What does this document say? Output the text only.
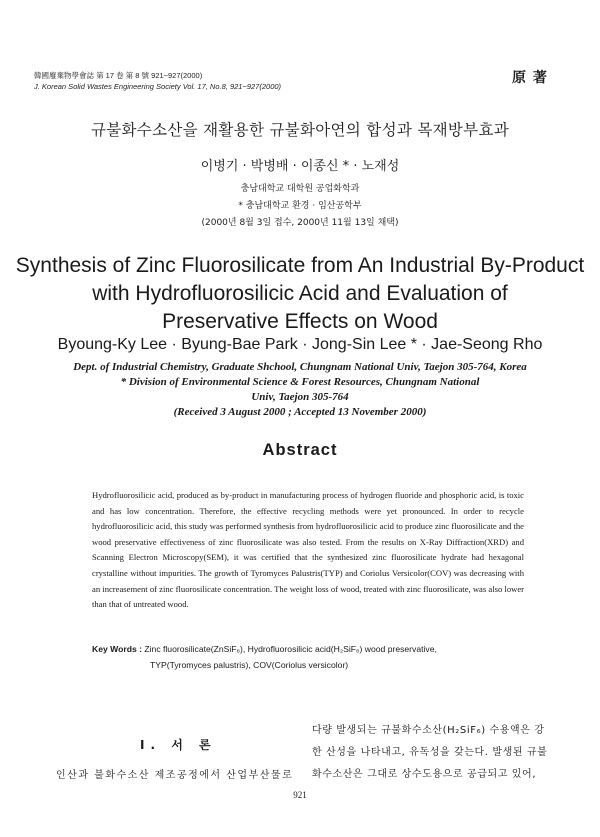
韓國廢棄物學會誌 第 17 卷 第 8 號 921~927(2000)
J. Korean Solid Wastes Engineering Society Vol. 17, No.8, 921~927(2000)
原 著
규불화수소산을 재활용한 규불화아연의 합성과 목재방부효과
이병기 · 박병배 · 이종신 * · 노재성
충남대학교 대학원 공업화학과
* 충남대학교 환경 · 임산공학부
(2000년 8월 3일 접수, 2000년 11월 13일 채택)
Synthesis of Zinc Fluorosilicate from An Industrial By-Product
with Hydrofluorosilicic Acid and Evaluation of
Preservative Effects on Wood
Byoung-Ky Lee · Byung-Bae Park · Jong-Sin Lee * · Jae-Seong Rho
Dept. of Industrial Chemistry, Graduate Shchool, Chungnam National Univ, Taejon 305-764, Korea
* Division of Environmental Science & Forest Resources, Chungnam National
Univ, Taejon 305-764
(Received 3 August 2000 ; Accepted 13 November 2000)
Abstract
Hydrofluorosilicic acid, produced as by-product in manufacturing process of hydrogen fluoride and phosphoric acid, is toxic and has low concentration. Therefore, the effective recycling methods were yet pronounced. In order to recycle hydrofluorosilicic acid, this study was performed synthesis from hydrofluorosilicic acid to produce zinc fluorosilicate and the wood preservative effectiveness of zinc fluorosilicate was also tested. From the results on X-Ray Diffraction(XRD) and Scanning Electron Microscopy(SEM), it was certified that the synthesized zinc fluorosilicate hydrate had hexagonal crystalline without impurities. The growth of Tyromyces Palustris(TYP) and Coriolus Versicolor(COV) was decreasing with an increasement of zinc fluorosilicate concentration. The weight loss of wood, treated with zinc fluorosilicate, was also lower than that of untreated wood.
Key Words : Zinc fluorosilicate(ZnSiF₆), Hydrofluorosilicic acid(H₂SiF₆) wood preservative,
TYP(Tyromyces palustris), COV(Coriolus versicolor)
Ⅰ. 서 론
인산과 불화수소산 제조공정에서 산업부산물로
다량 발생되는 규불화수소산(H₂SiF₆) 수용액은 강
한 산성을 나타내고, 유독성을 갖는다. 발생된 규불
화수소산은 그대로 상수도용으로 공급되고 있어,
921
